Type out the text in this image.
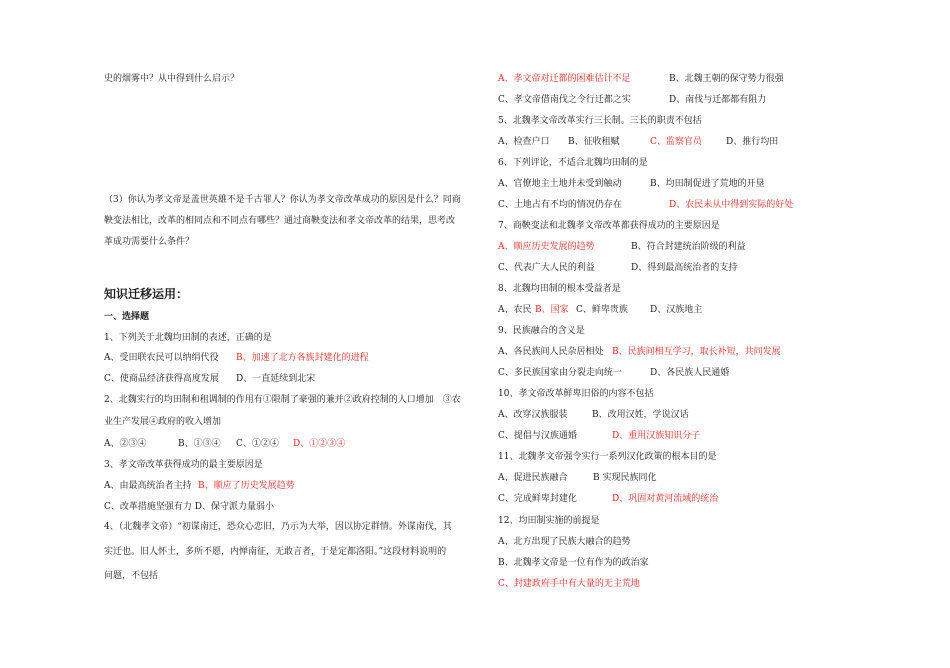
史的烟雾中？从中得到什么启示？
（3）你认为孝文帝是盖世英雄不是千古罪人？你认为孝文帝改革成功的原因是什么？同商
鞅变法相比，改革的相同点和不同点有哪些？通过商鞅变法和孝文帝改革的结果，思考改
革成功需要什么条件？
知识迁移运用：
一、选择题
1、下列关于北魏均田制的表述，正确的是
A、受田联农民可以纳绢代役 B、加速了北方各族封建化的进程
C、使商品经济获得高度发展 D、一直延续到北宋
2、北魏实行的均田制和租调制的作用有①限制了豪强的兼并②政府控制的人口增加　③农
业生产发展④政府的收入增加
A、②③④	B、①③④ C、①②④ D、①②③④
3、孝文帝改革获得成功的最主要原因是
A、由最高统治者主持 B、顺应了历史发展趋势
C、改革措施坚强有力 D、保守派力量弱小
4、（北魏孝文帝）“初谋南迁，恐众心恋旧，乃示为大举，因以协定群情。外谋南伐，其
实迁也。旧人怀土，多所不愿，内惮南征，无敢言者，于是定都洛阳。”这段材料说明的
问题，不包括
A、孝文帝对迁都的困难估计不足	B、北魏王朝的保守势力很强
C、孝文帝借南伐之令行迁都之实	D、南伐与迁都都有阻力
5、北魏孝文帝改革实行三长制。三长的职责不包括
A、检查户口 B、征收租赋	C、监察官员	D、推行均田
6、下列评论，不适合北魏均田制的是
A、官僚地主土地并未受到触动	B、均田制促进了荒地的开垦
C、土地占有不均的情况仍存在	D、农民未从中得到实际的好处
7、商鞅变法和北魏孝文帝改革都获得成功的主要原因是
A、顺应历史发展的趋势	B、符合封建统治阶级的利益
C、代表广大人民的利益	D、得到最高统治者的支持
8、北魏均田制的根本受益者是
A、农民 B、国家 C、鲜卑贵族 D、汉族地主
9、民族融合的含义是
A、各民族间人民杂居相处 B、民族间相互学习，取长补短，共同发展
C、多民族国家由分裂走向统一	D、各民族人民通婚
10、孝文帝改革鲜卑旧俗的内容不包括
A、改穿汉族服装	B、改用汉姓，学说汉话
C、提倡与汉族通婚	D、重用汉族知识分子
11、北魏孝文帝强令实行一系列汉化政策的根本目的是
A、促进民族融合	B 实现民族同化
C、完成鲜卑封建化	D、巩固对黄河流域的统治
12、均田制实施的前提是
A、北方出现了民族大融合的趋势
B、北魏孝文帝是一位有作为的政治家
C、封建政府手中有大量的无主荒地
